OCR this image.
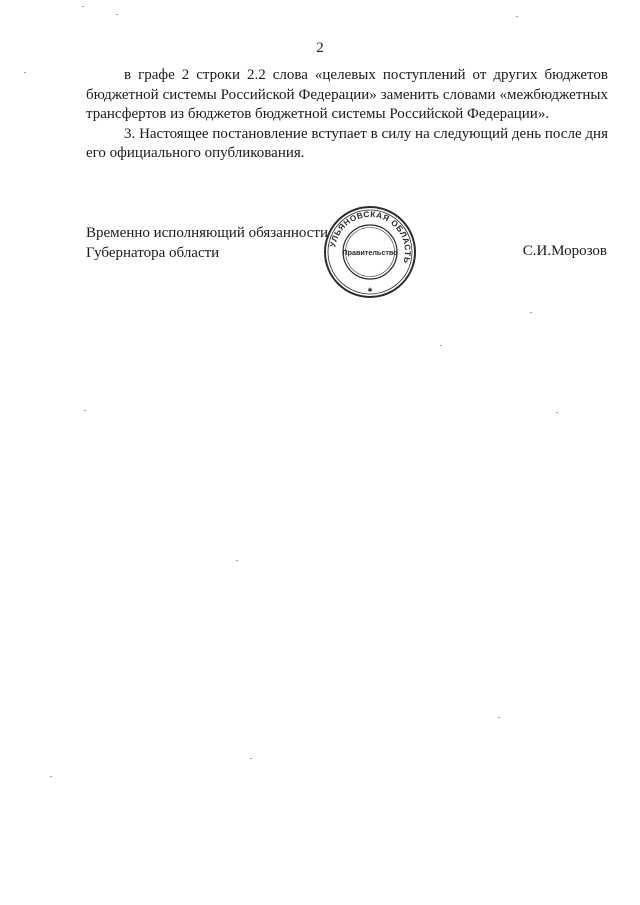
2

в графе 2 строки 2.2 слова «целевых поступлений от других бюджетов бюджетной системы Российской Федерации» заменить словами «межбюджетных трансфертов из бюджетов бюджетной системы Российской Федерации».

3. Настоящее постановление вступает в силу на следующий день после дня его официального опубликования.

Временно исполняющий обязанности
Губернатора области	С.И.Морозов
УЛЬЯНОВСКАЯ ОБЛАСТЬ
Правительство
✱
